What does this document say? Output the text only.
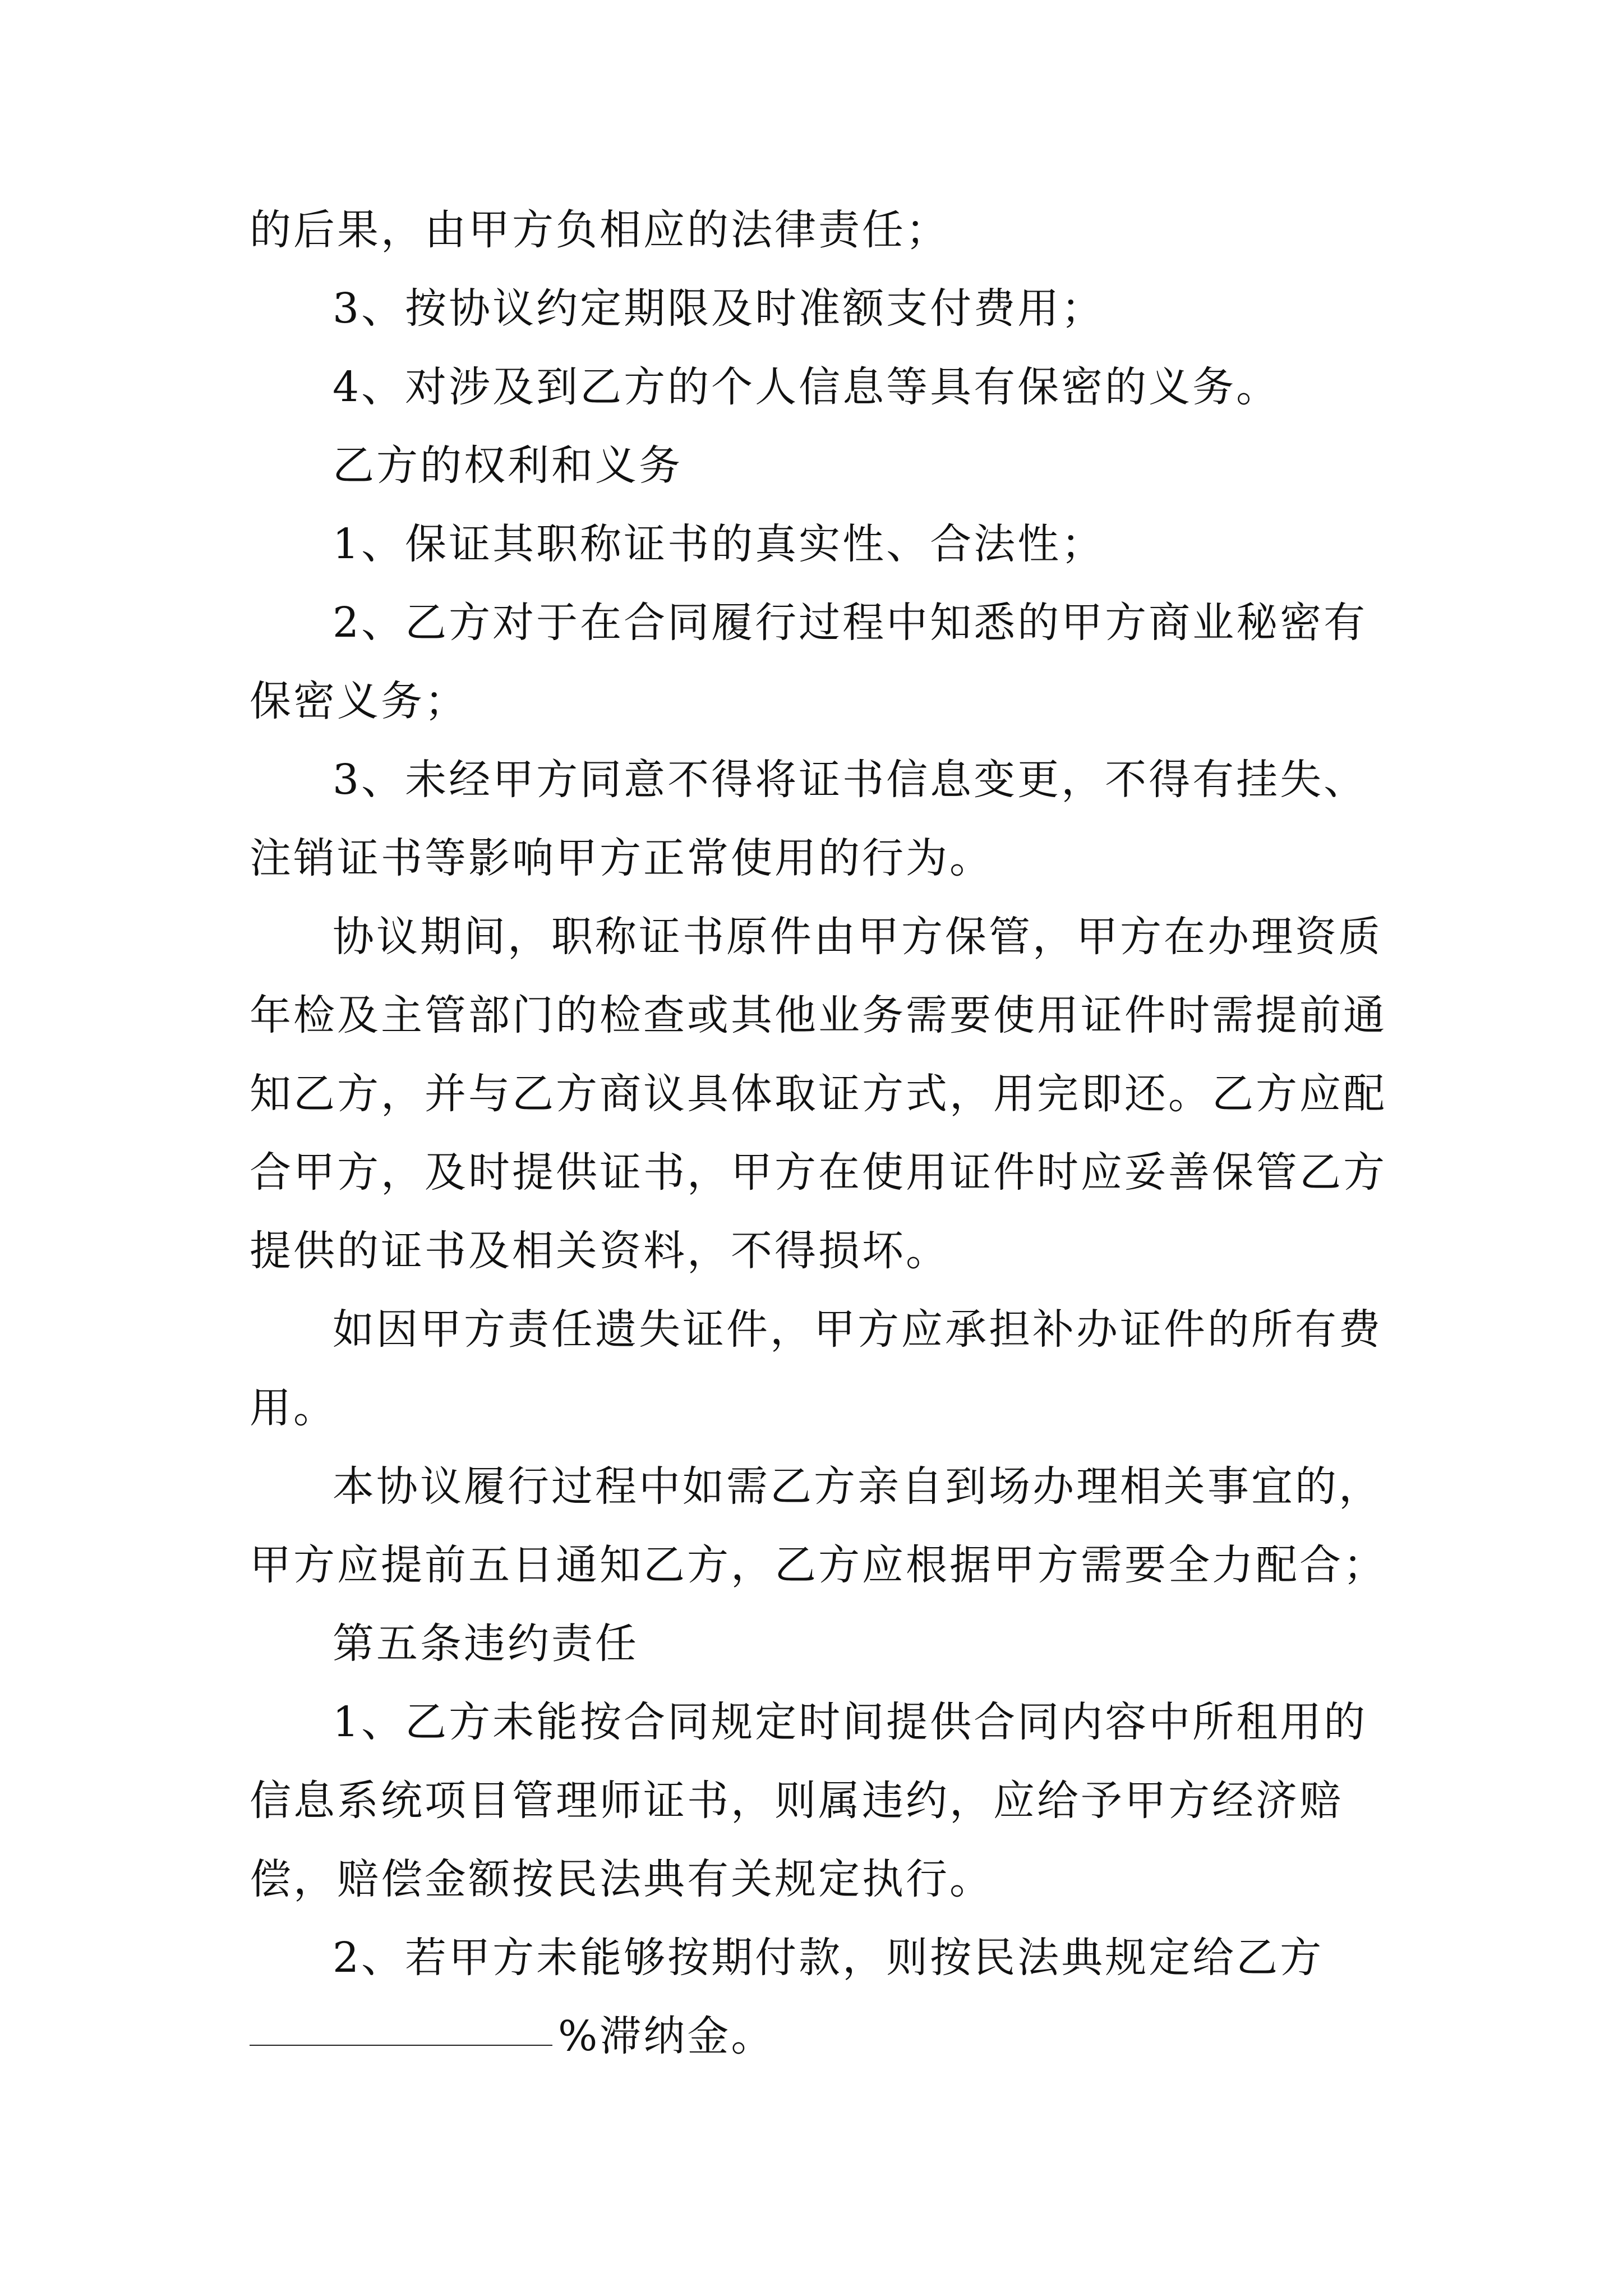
的后果，由甲方负相应的法律责任；

3、按协议约定期限及时准额支付费用；

4、对涉及到乙方的个人信息等具有保密的义务。

乙方的权利和义务

1、保证其职称证书的真实性、合法性；

2、乙方对于在合同履行过程中知悉的甲方商业秘密有保密义务；

3、未经甲方同意不得将证书信息变更，不得有挂失、注销证书等影响甲方正常使用的行为。

协议期间，职称证书原件由甲方保管，甲方在办理资质年检及主管部门的检查或其他业务需要使用证件时需提前通知乙方，并与乙方商议具体取证方式，用完即还。乙方应配合甲方，及时提供证书，甲方在使用证件时应妥善保管乙方提供的证书及相关资料，不得损坏。

如因甲方责任遗失证件，甲方应承担补办证件的所有费用。

本协议履行过程中如需乙方亲自到场办理相关事宜的，甲方应提前五日通知乙方，乙方应根据甲方需要全力配合；

第五条违约责任

1、乙方未能按合同规定时间提供合同内容中所租用的信息系统项目管理师证书，则属违约，应给予甲方经济赔偿，赔偿金额按民法典有关规定执行。

2、若甲方未能够按期付款，则按民法典规定给乙方

%滞纳金。
